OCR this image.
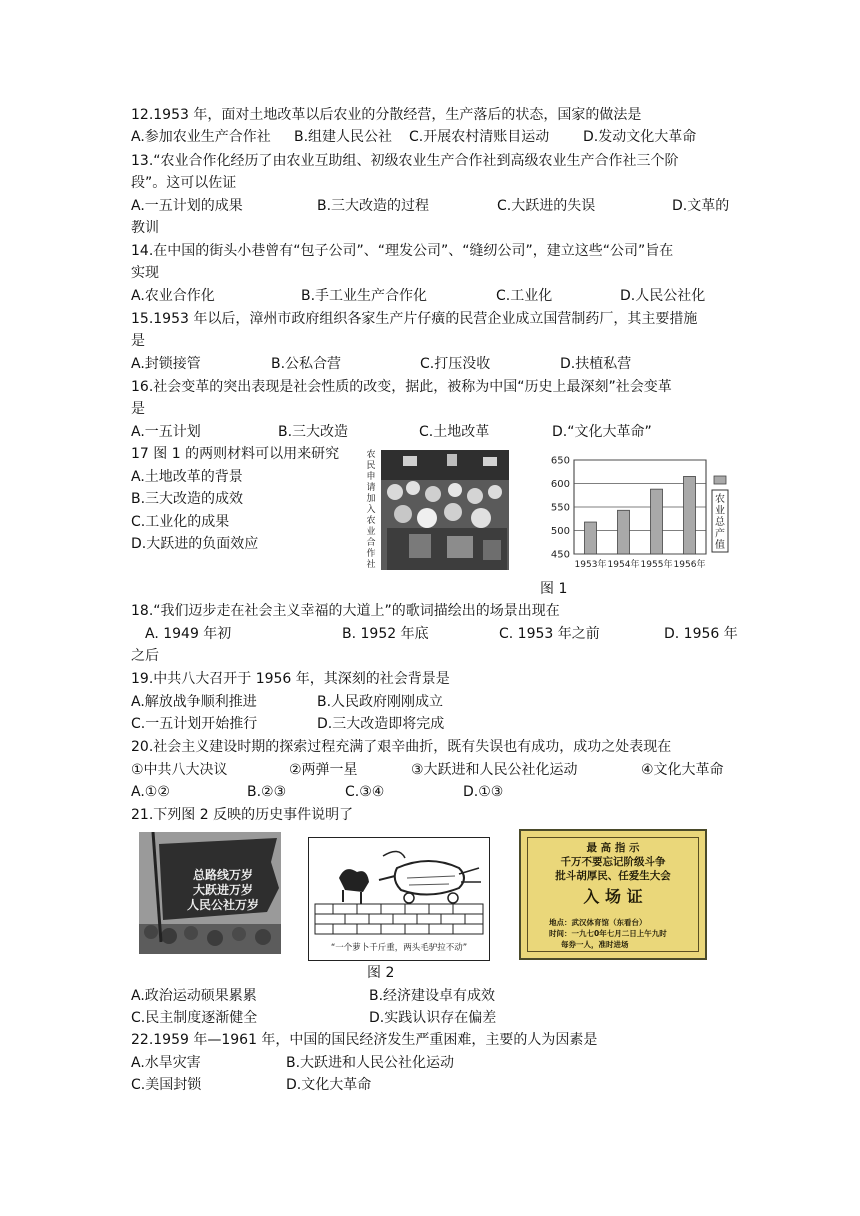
12.1953 年，面对土地改革以后农业的分散经营，生产落后的状态，国家的做法是
A.参加农业生产合作社 B.组建人民公社 C.开展农村清账目运动 D.发动文化大革命
13.“农业合作化经历了由农业互助组、初级农业生产合作社到高级农业生产合作社三个阶
段”。这可以佐证
A.一五计划的成果	B.三大改造的过程	C.大跃进的失误	D.文革的
教训
14.在中国的街头小巷曾有“包子公司”、“理发公司”、“缝纫公司”，建立这些“公司”旨在
实现
A.农业合作化	B.手工业生产合作化	C.工业化	D.人民公社化
15.1953 年以后，漳州市政府组织各家生产片仔癀的民营企业成立国营制药厂，其主要措施
是
A.封锁接管	B.公私合营	C.打压没收	D.扶植私营
16.社会变革的突出表现是社会性质的改变，据此，被称为中国“历史上最深刻”社会变革
是
A.一五计划	B.三大改造	C.土地改革	D.“文化大革命”
17 图 1 的两则材料可以用来研究
A.土地改革的背景
B.三大改造的成效
C.工业化的成果
D.大跃进的负面效应
农
民
申
请
加
入
农
业
合
作
社
450
500
550
600
650
1953年 1954年 1955年 1956年
农
业
总
产
值
图 1
18.“我们迈步走在社会主义幸福的大道上”的歌词描绘出的场景出现在
A. 1949 年初	B. 1952 年底	C. 1953 年之前	D. 1956 年
之后
19.中共八大召开于 1956 年，其深刻的社会背景是
A.解放战争顺利推进	B.人民政府刚刚成立
C.一五计划开始推行	D.三大改造即将完成
20.社会主义建设时期的探索过程充满了艰辛曲折，既有失误也有成功，成功之处表现在
①中共八大决议	②两弹一星	③大跃进和人民公社化运动	④文化大革命
A.①②	B.②③	C.③④	D.①③
21.下列图 2 反映的历史事件说明了
总路线万岁
大跃进万岁
人民公社万岁
“一个萝卜千斤重，两头毛驴拉不动”
最 高 指 示
千万不要忘记阶级斗争
批斗胡厚民、任爱生大会
入 场 证
地点：武汉体育馆（东看台）
时间：一九七0年七月二日上午九时
每券一人，准时进场
图 2
A.政治运动硕果累累	B.经济建设卓有成效
C.民主制度逐渐健全	D.实践认识存在偏差
22.1959 年—1961 年，中国的国民经济发生严重困难，主要的人为因素是
A.水旱灾害	B.大跃进和人民公社化运动
C.美国封锁	D.文化大革命
